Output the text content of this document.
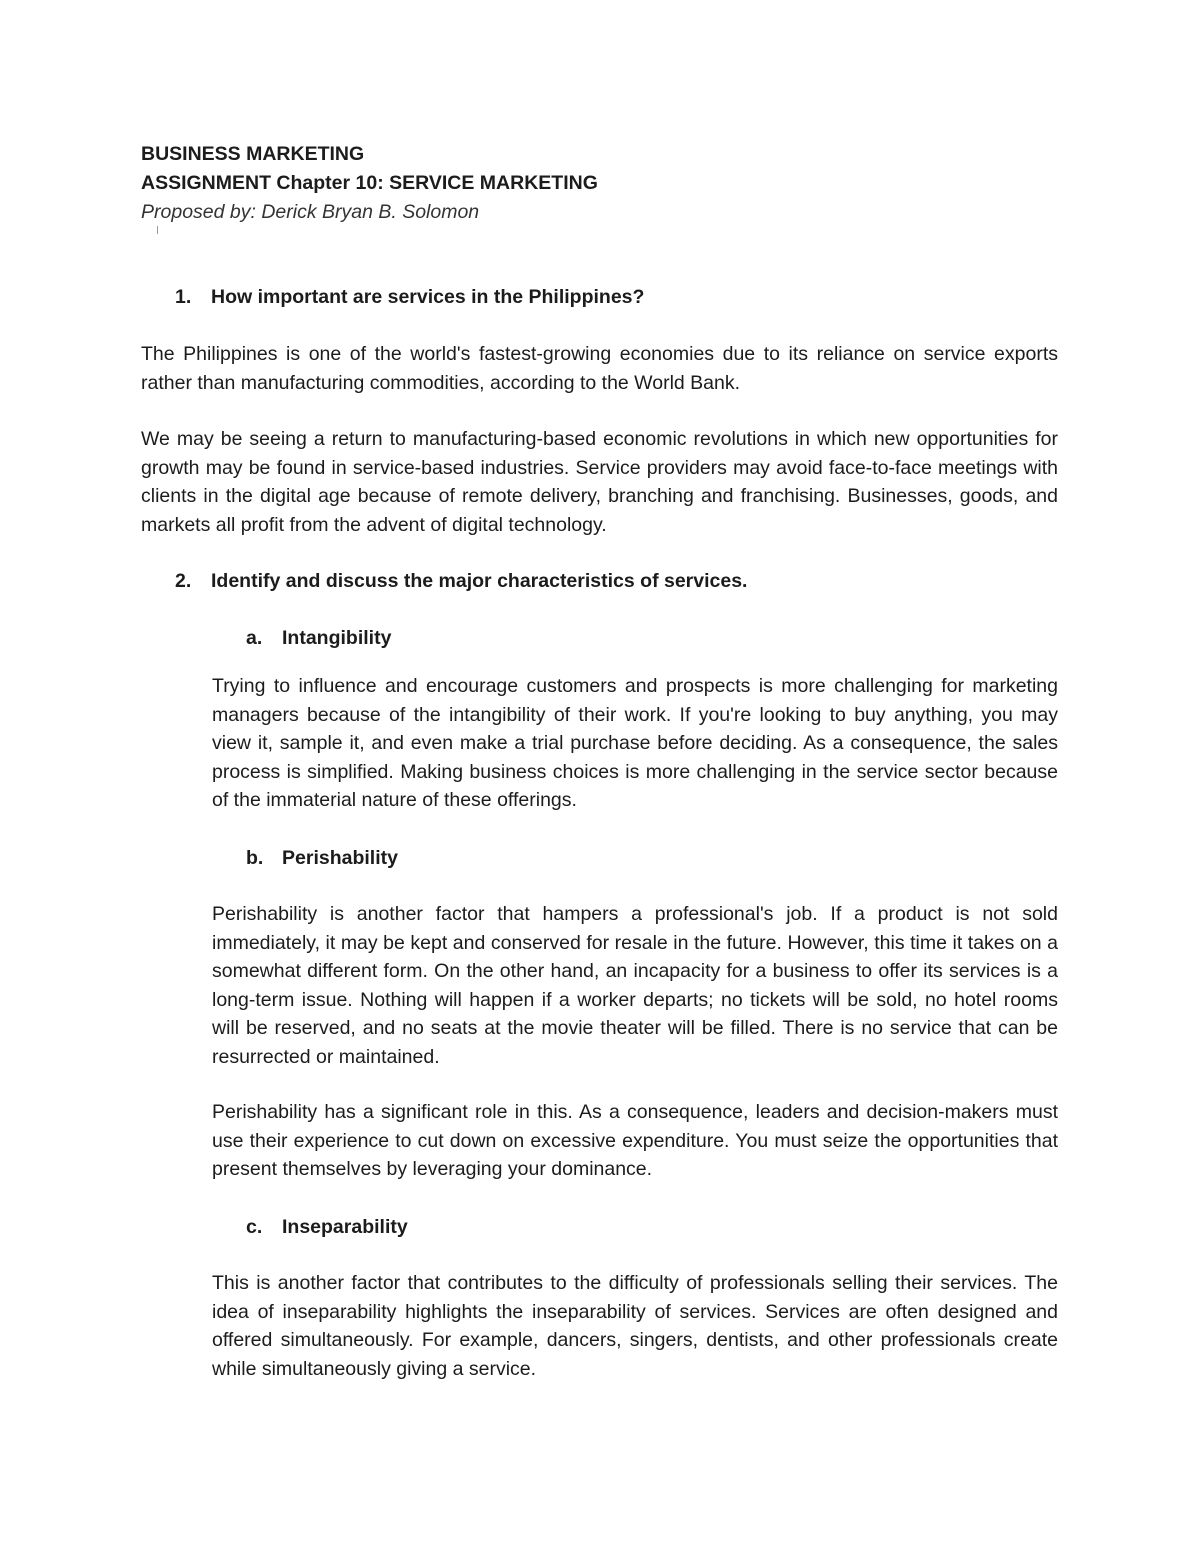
BUSINESS MARKETING
ASSIGNMENT Chapter 10: SERVICE MARKETING
Proposed by: Derick Bryan B. Solomon
1.	How important are services in the Philippines?

The Philippines is one of the world's fastest-growing economies due to its reliance on service exports rather than manufacturing commodities, according to the World Bank.

We may be seeing a return to manufacturing-based economic revolutions in which new opportunities for growth may be found in service-based industries. Service providers may avoid face-to-face meetings with clients in the digital age because of remote delivery, branching and franchising. Businesses, goods, and markets all profit from the advent of digital technology.

2.	Identify and discuss the major characteristics of services.
a.	Intangibility

Trying to influence and encourage customers and prospects is more challenging for marketing managers because of the intangibility of their work. If you're looking to buy anything, you may view it, sample it, and even make a trial purchase before deciding. As a consequence, the sales process is simplified. Making business choices is more challenging in the service sector because of the immaterial nature of these offerings.

b. Perishability

Perishability is another factor that hampers a professional's job. If a product is not sold immediately, it may be kept and conserved for resale in the future. However, this time it takes on a somewhat different form. On the other hand, an incapacity for a business to offer its services is a long-term issue. Nothing will happen if a worker departs; no tickets will be sold, no hotel rooms will be reserved, and no seats at the movie theater will be filled. There is no service that can be resurrected or maintained.

Perishability has a significant role in this. As a consequence, leaders and decision-makers must use their experience to cut down on excessive expenditure. You must seize the opportunities that present themselves by leveraging your dominance.

c.	Inseparability

This is another factor that contributes to the difficulty of professionals selling their services. The idea of inseparability highlights the inseparability of services. Services are often designed and offered simultaneously. For example, dancers, singers, dentists, and other professionals create while simultaneously giving a service.
